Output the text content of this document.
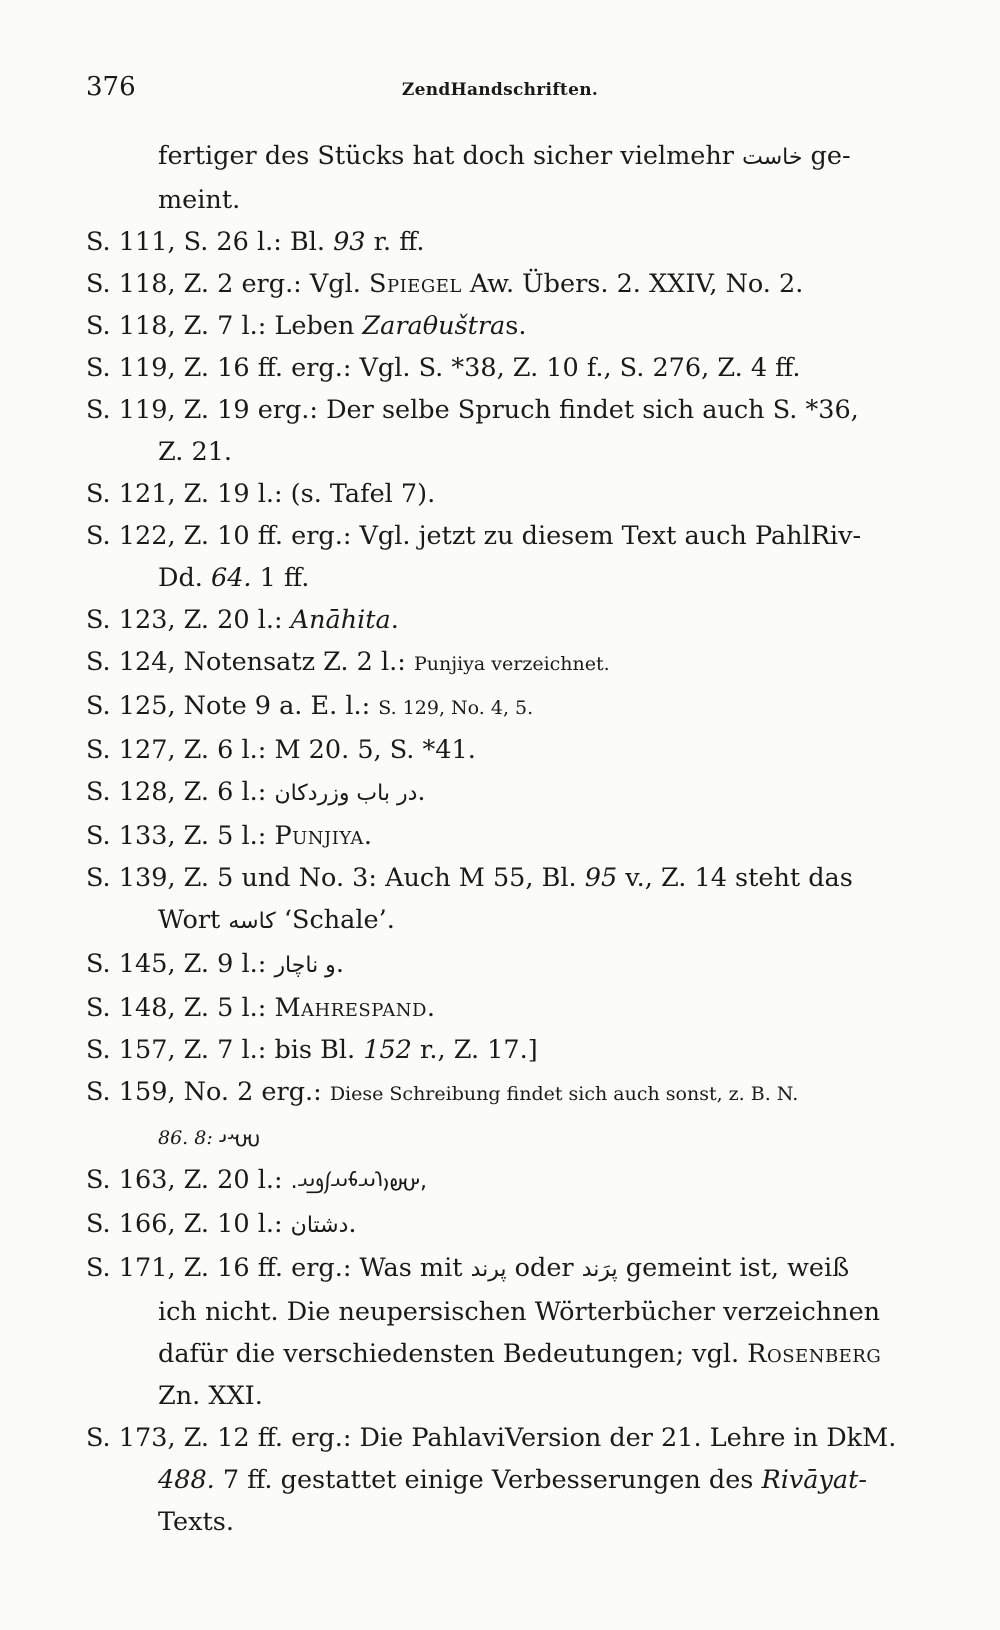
376	ZendHandschriften.
fertiger des Stücks hat doch sicher vielmehr خاست ge-
meint.
S. 111, S. 26 l.: Bl. 93 r. ff.
S. 118, Z. 2 erg.: Vgl. Spiegel Aw. Übers. 2. XXIV, No. 2.
S. 118, Z. 7 l.: Leben Zaraθuštras.
S. 119, Z. 16 ff. erg.: Vgl. S. *38, Z. 10 f., S. 276, Z. 4 ff.
S. 119, Z. 19 erg.: Der selbe Spruch findet sich auch S. *36,
Z. 21.
S. 121, Z. 19 l.: (s. Tafel 7).
S. 122, Z. 10 ff. erg.: Vgl. jetzt zu diesem Text auch PahlRiv-
Dd. 64. 1 ff.
S. 123, Z. 20 l.: Anāhita.
S. 124, Notensatz Z. 2 l.: Punjiya verzeichnet.
S. 125, Note 9 a. E. l.: S. 129, No. 4, 5.
S. 127, Z. 6 l.: M 20. 5, S. *41.
S. 128, Z. 6 l.: در باب وزردکان.
S. 133, Z. 5 l.: Punjiya.
S. 139, Z. 5 und No. 3: Auch M 55, Bl. 95 v., Z. 14 steht das
Wort کاسه ‘Schale’.
S. 145, Z. 9 l.: و ناچار.
S. 148, Z. 5 l.: Mahrespand.
S. 157, Z. 7 l.: bis Bl. 152 r., Z. 17.]
S. 159, No. 2 erg.: Diese Schreibung findet sich auch sonst, z. B. N.
86. 8: 𐬱𐬀𐬌
S. 163, Z. 20 l.: .𐬀𐬵𐬎𐬭𐬀𐬨𐬀𐬰𐬛𐬀,
S. 166, Z. 10 l.: دشتان.
S. 171, Z. 16 ff. erg.: Was mit پرند oder پرَند gemeint ist, weiß
ich nicht. Die neupersischen Wörterbücher verzeichnen
dafür die verschiedensten Bedeutungen; vgl. Rosenberg
Zn. XXI.
S. 173, Z. 12 ff. erg.: Die PahlaviVersion der 21. Lehre in DkM.
488. 7 ff. gestattet einige Verbesserungen des Rivāyat-
Texts.
